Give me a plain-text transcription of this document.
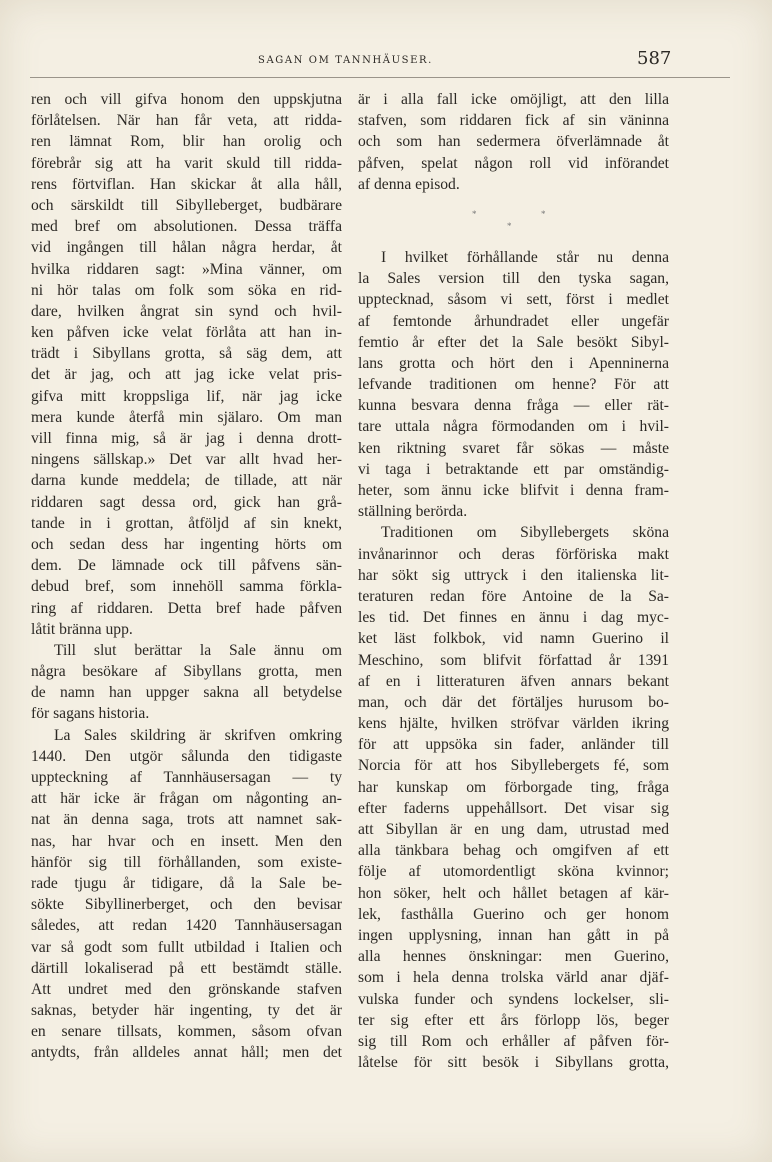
SAGAN OM TANNHÄUSER.	587
ren och vill gifva honom den uppskjutna
förlåtelsen. När han får veta, att ridda-
ren lämnat Rom, blir han orolig och
förebrår sig att ha varit skuld till ridda-
rens förtviflan. Han skickar åt alla håll,
och särskildt till Sibylleberget, budbärare
med bref om absolutionen. Dessa träffa
vid ingången till hålan några herdar, åt
hvilka riddaren sagt: »Mina vänner, om
ni hör talas om folk som söka en rid-
dare, hvilken ångrat sin synd och hvil-
ken påfven icke velat förlåta att han in-
trädt i Sibyllans grotta, så säg dem, att
det är jag, och att jag icke velat pris-
gifva mitt kroppsliga lif, när jag icke
mera kunde återfå min själaro. Om man
vill finna mig, så är jag i denna drott-
ningens sällskap.» Det var allt hvad her-
darna kunde meddela; de tillade, att när
riddaren sagt dessa ord, gick han grå-
tande in i grottan, åtföljd af sin knekt,
och sedan dess har ingenting hörts om
dem. De lämnade ock till påfvens sän-
debud bref, som innehöll samma förkla-
ring af riddaren. Detta bref hade påfven
låtit bränna upp.
Till slut berättar la Sale ännu om
några besökare af Sibyllans grotta, men
de namn han uppger sakna all betydelse
för sagans historia.
La Sales skildring är skrifven omkring
1440. Den utgör sålunda den tidigaste
uppteckning af Tannhäusersagan — ty
att här icke är frågan om någonting an-
nat än denna saga, trots att namnet sak-
nas, har hvar och en insett. Men den
hänför sig till förhållanden, som existe-
rade tjugu år tidigare, då la Sale be-
sökte Sibyllinerberget, och den bevisar
således, att redan 1420 Tannhäusersagan
var så godt som fullt utbildad i Italien och
därtill lokaliserad på ett bestämdt ställe.
Att undret med den grönskande stafven
saknas, betyder här ingenting, ty det är
en senare tillsats, kommen, såsom ofvan
antydts, från alldeles annat håll; men det
är i alla fall icke omöjligt, att den lilla
stafven, som riddaren fick af sin väninna
och som han sedermera öfverlämnade åt
påfven, spelat någon roll vid införandet
af denna episod.
*	*
*
I hvilket förhållande står nu denna
la Sales version till den tyska sagan,
upptecknad, såsom vi sett, först i medlet
af femtonde århundradet eller ungefär
femtio år efter det la Sale besökt Sibyl-
lans grotta och hört den i Apenninerna
lefvande traditionen om henne? För att
kunna besvara denna fråga — eller rät-
tare uttala några förmodanden om i hvil-
ken riktning svaret får sökas — måste
vi taga i betraktande ett par omständig-
heter, som ännu icke blifvit i denna fram-
ställning berörda.
Traditionen om Sibyllebergets sköna
invånarinnor och deras förföriska makt
har sökt sig uttryck i den italienska lit-
teraturen redan före Antoine de la Sa-
les tid. Det finnes en ännu i dag myc-
ket läst folkbok, vid namn Guerino il
Meschino, som blifvit författad år 1391
af en i litteraturen äfven annars bekant
man, och där det förtäljes hurusom bo-
kens hjälte, hvilken ströfvar världen ikring
för att uppsöka sin fader, anländer till
Norcia för att hos Sibyllebergets fé, som
har kunskap om förborgade ting, fråga
efter faderns uppehållsort. Det visar sig
att Sibyllan är en ung dam, utrustad med
alla tänkbara behag och omgifven af ett
följe af utomordentligt sköna kvinnor;
hon söker, helt och hållet betagen af kär-
lek, fasthålla Guerino och ger honom
ingen upplysning, innan han gått in på
alla hennes önskningar: men Guerino,
som i hela denna trolska värld anar djäf-
vulska funder och syndens lockelser, sli-
ter sig efter ett års förlopp lös, beger
sig till Rom och erhåller af påfven för-
låtelse för sitt besök i Sibyllans grotta,
